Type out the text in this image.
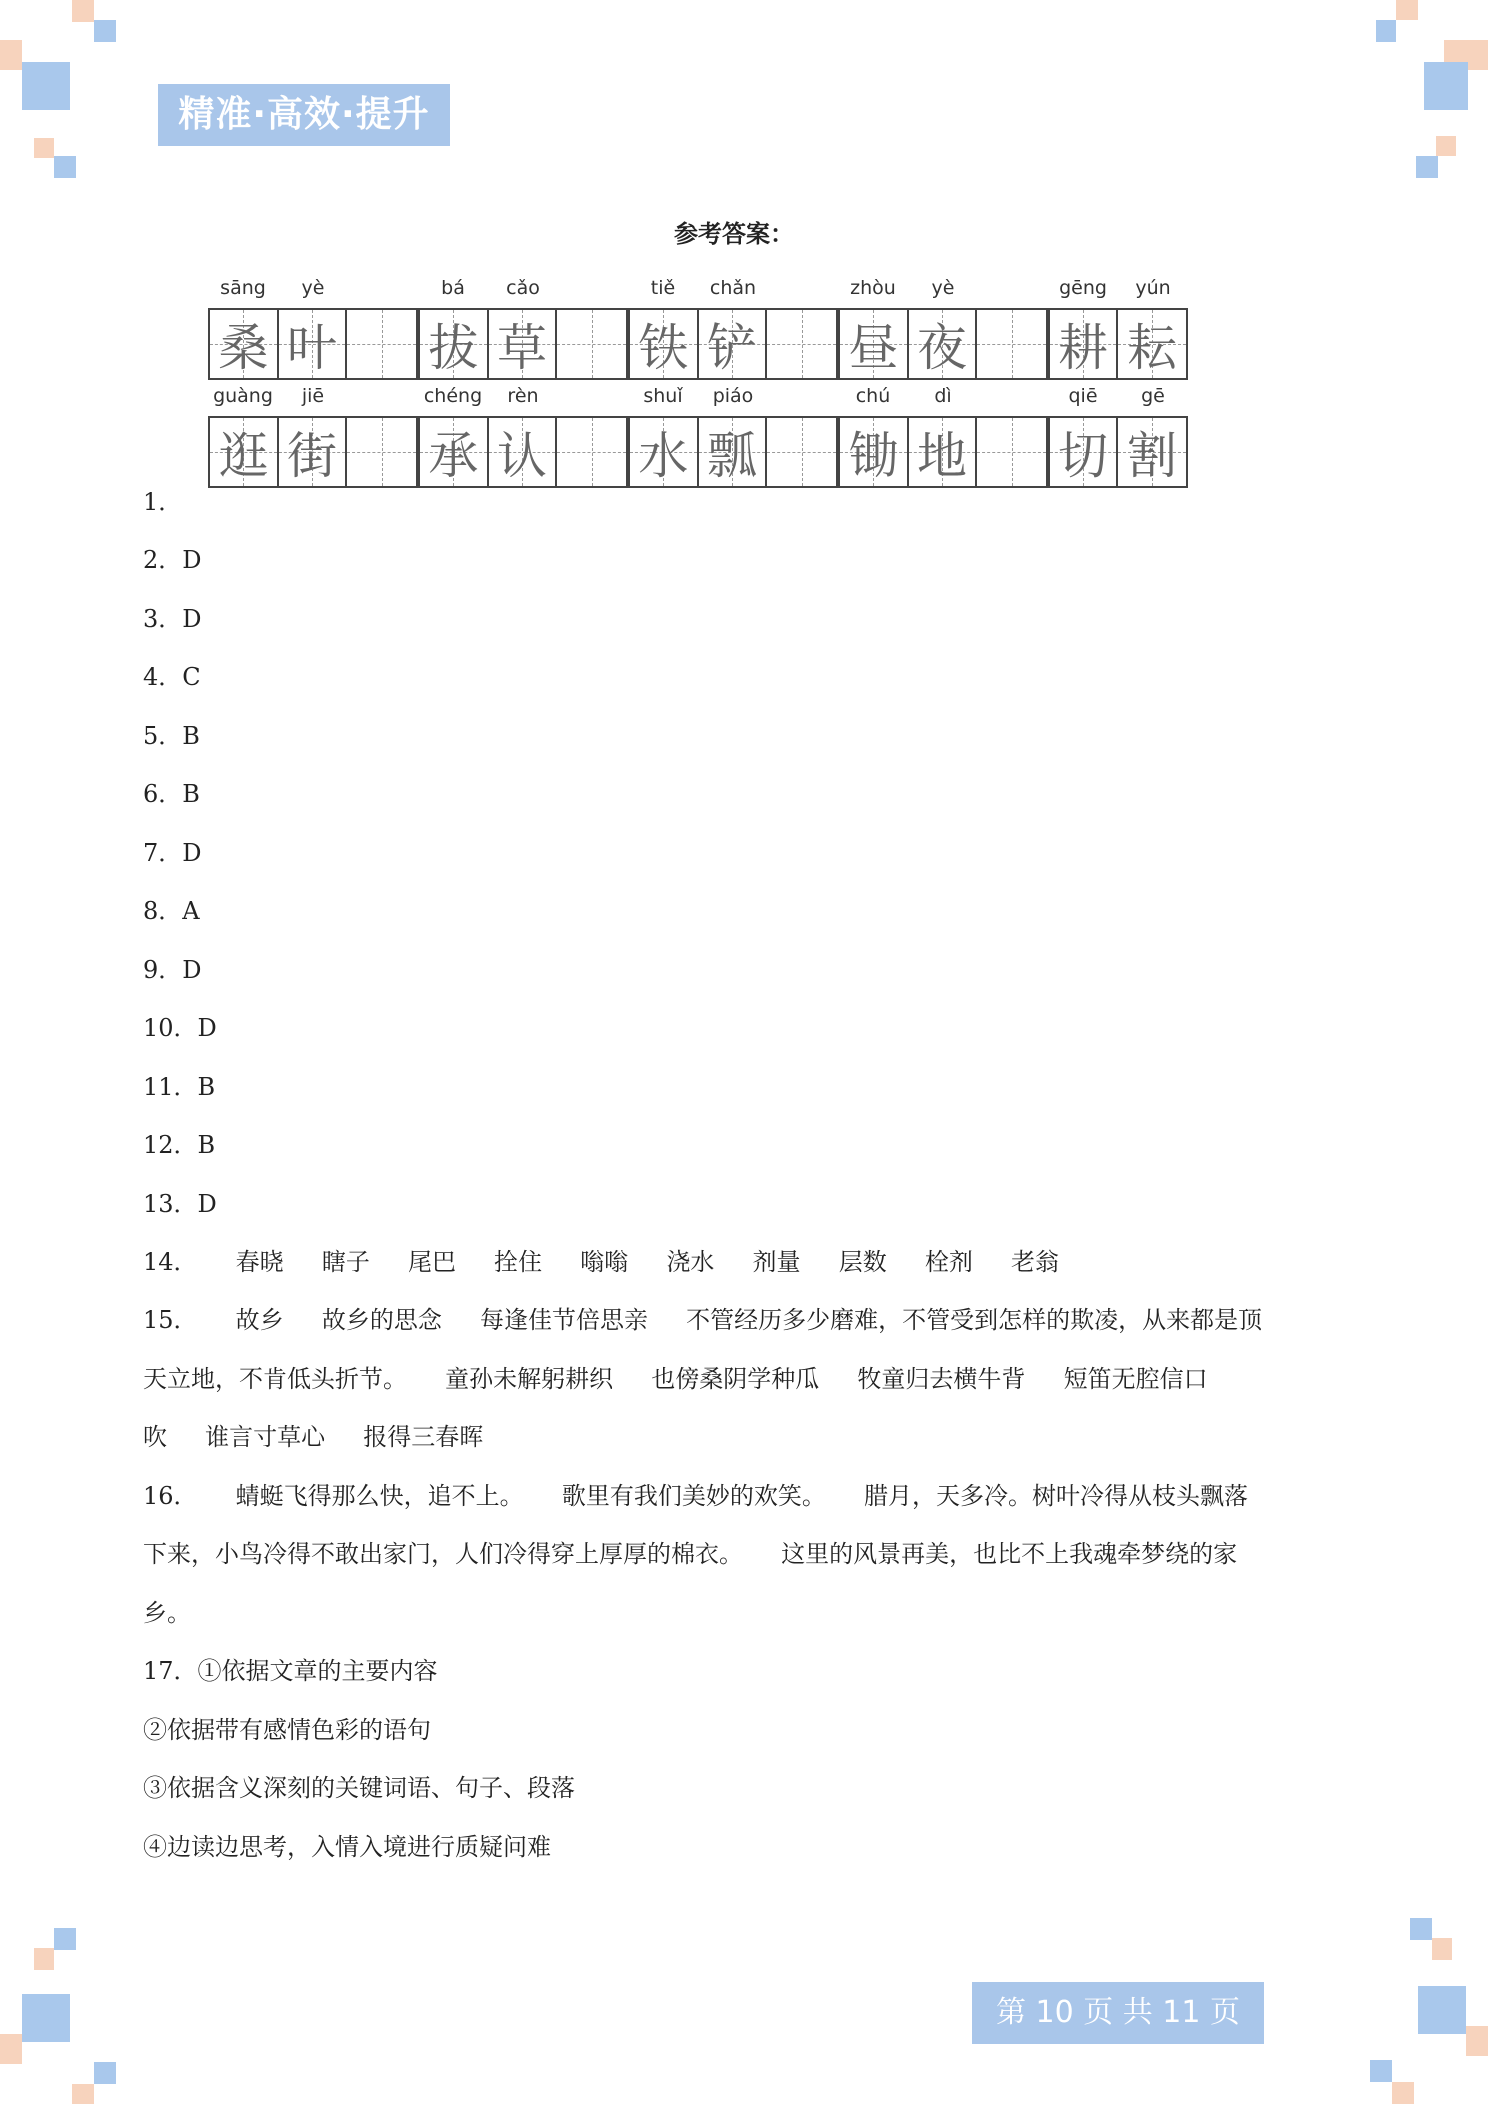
精准·高效·提升
参考答案：
sāng	yè
桑 叶
bá	cǎo
拔 草
tiě	chǎn
铁 铲
zhòu	yè
昼 夜
gēng	yún
耕 耘
guàng	jiē
逛 街
chéng	rèn
承 认
shuǐ	piáo
水 瓢
chú	dì
锄 地
qiē	gē
切 割
1．
2．D
3．D
4．C
5．B
6．B
7．D
8．A
9．D
10．D
11．B
12．B
13．D
14．     春晓     瞎子     尾巴     拴住     嗡嗡     浇水     剂量     层数     栓剂     老翁
15．     故乡     故乡的思念     每逢佳节倍思亲     不管经历多少磨难，不管受到怎样的欺凌，从来都是顶
天立地，不肯低头折节。     童孙未解躬耕织     也傍桑阴学种瓜     牧童归去横牛背     短笛无腔信口
吹     谁言寸草心     报得三春晖
16．     蜻蜓飞得那么快，追不上。     歌里有我们美妙的欢笑。     腊月，天多冷。树叶冷得从枝头飘落
下来，小鸟冷得不敢出家门，人们冷得穿上厚厚的棉衣。     这里的风景再美，也比不上我魂牵梦绕的家
乡。
17．①依据文章的主要内容
②依据带有感情色彩的语句
③依据含义深刻的关键词语、句子、段落
④边读边思考，入情入境进行质疑问难
第 10 页 共 11 页
